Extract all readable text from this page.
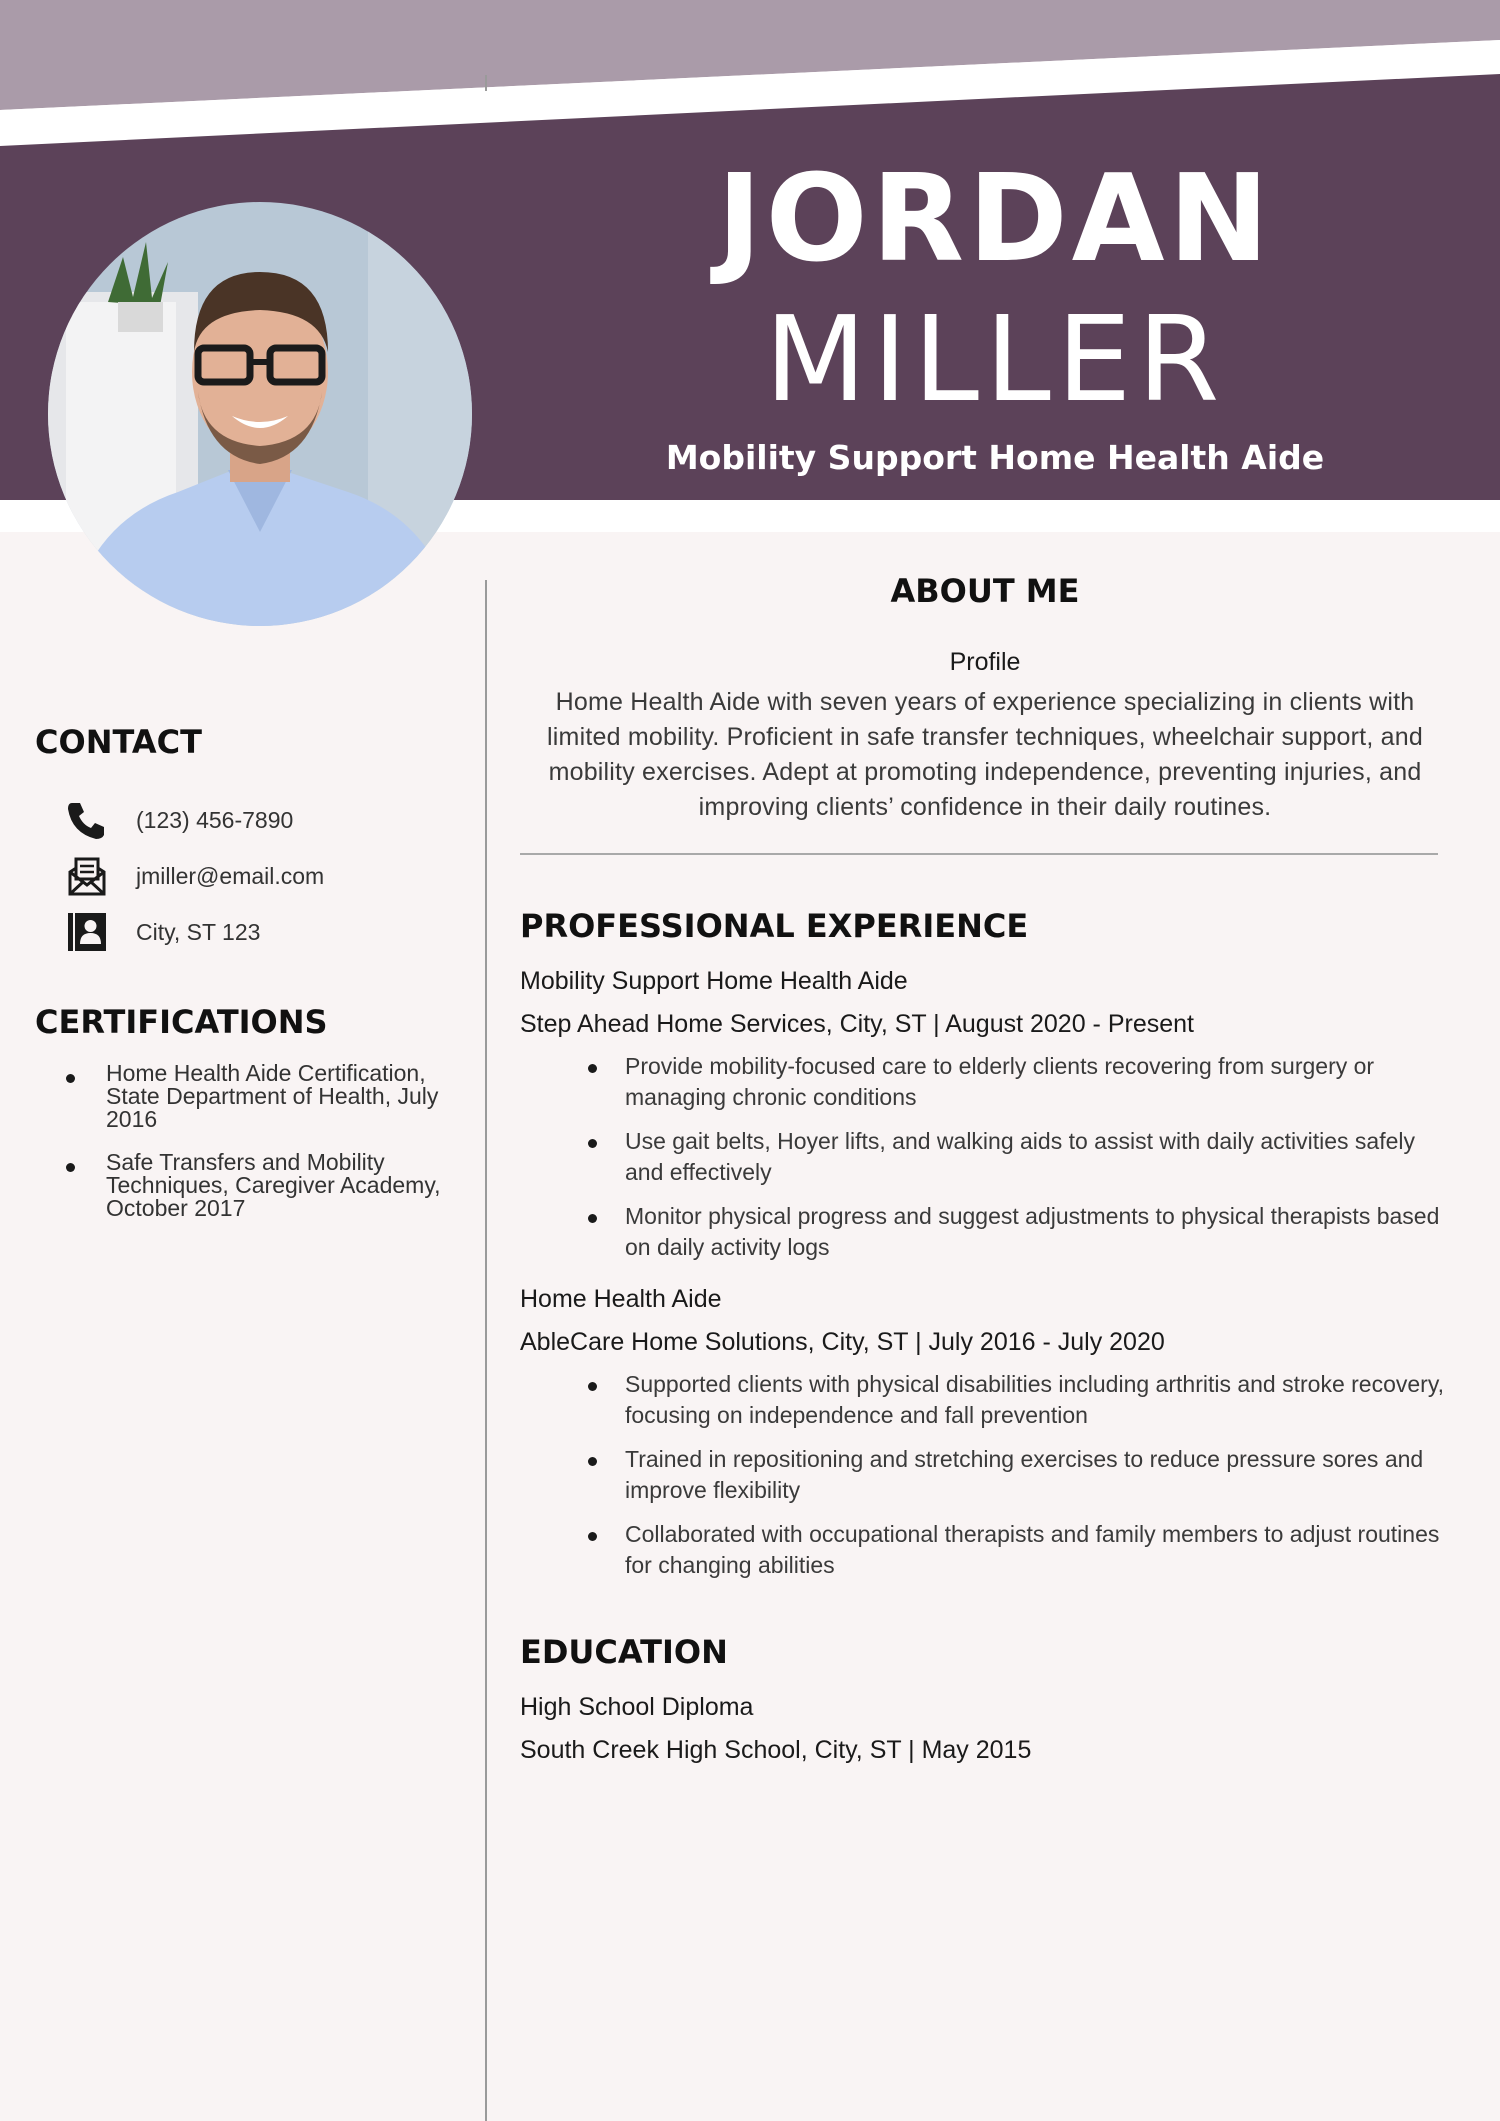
JORDAN
MILLER
Mobility Support Home Health Aide
CONTACT
(123) 456-7890
jmiller@email.com
City, ST 123
CERTIFICATIONS
Home Health Aide Certification, State Department of Health, July 2016
Safe Transfers and Mobility Techniques, Caregiver Academy, October 2017
ABOUT ME
Profile
Home Health Aide with seven years of experience specializing in clients with limited mobility. Proficient in safe transfer techniques, wheelchair support, and mobility exercises. Adept at promoting independence, preventing injuries, and improving clients’ confidence in their daily routines.
PROFESSIONAL EXPERIENCE
Mobility Support Home Health Aide
Step Ahead Home Services, City, ST | August 2020 - Present
Provide mobility-focused care to elderly clients recovering from surgery or managing chronic conditions
Use gait belts, Hoyer lifts, and walking aids to assist with daily activities safely and effectively
Monitor physical progress and suggest adjustments to physical therapists based on daily activity logs
Home Health Aide
AbleCare Home Solutions, City, ST | July 2016 - July 2020
Supported clients with physical disabilities including arthritis and stroke recovery, focusing on independence and fall prevention
Trained in repositioning and stretching exercises to reduce pressure sores and improve flexibility
Collaborated with occupational therapists and family members to adjust routines for changing abilities
EDUCATION
High School Diploma
South Creek High School, City, ST | May 2015
